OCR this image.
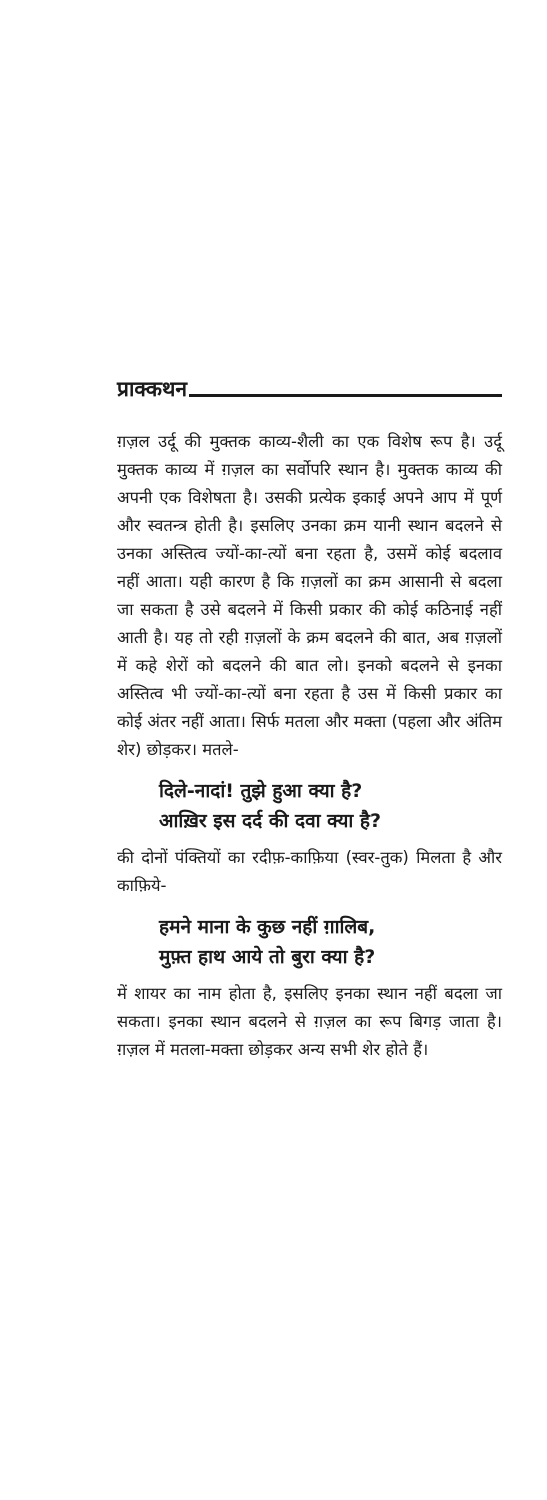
प्राक्कथन

ग़ज़ल उर्दू की मुक्तक काव्य-शैली का एक विशेष रूप है। उर्दू मुक्तक काव्य में ग़ज़ल का सर्वोपरि स्थान है। मुक्तक काव्य की अपनी एक विशेषता है। उसकी प्रत्येक इकाई अपने आप में पूर्ण और स्वतन्त्र होती है। इसलिए उनका क्रम यानी स्थान बदलने से उनका अस्तित्व ज्यों-का-त्यों बना रहता है, उसमें कोई बदलाव नहीं आता। यही कारण है कि ग़ज़लों का क्रम आसानी से बदला जा सकता है उसे बदलने में किसी प्रकार की कोई कठिनाई नहीं आती है। यह तो रही ग़ज़लों के क्रम बदलने की बात, अब ग़ज़लों में कहे शेरों को बदलने की बात लो। इनको बदलने से इनका अस्तित्व भी ज्यों-का-त्यों बना रहता है उस में किसी प्रकार का कोई अंतर नहीं आता। सिर्फ मतला और मक्ता (पहला और अंतिम शेर) छोड़कर। मतले-

दिले-नादां! तुझे हुआ क्या है?
आख़िर इस दर्द की दवा क्या है?

की दोनों पंक्तियों का रदीफ़-काफ़िया (स्वर-तुक) मिलता है और काफ़िये-

हमने माना के कुछ नहीं ग़ालिब,
मुफ़्त हाथ आये तो बुरा क्या है?

में शायर का नाम होता है, इसलिए इनका स्थान नहीं बदला जा सकता। इनका स्थान बदलने से ग़ज़ल का रूप बिगड़ जाता है। ग़ज़ल में मतला-मक्ता छोड़कर अन्य सभी शेर होते हैं।
